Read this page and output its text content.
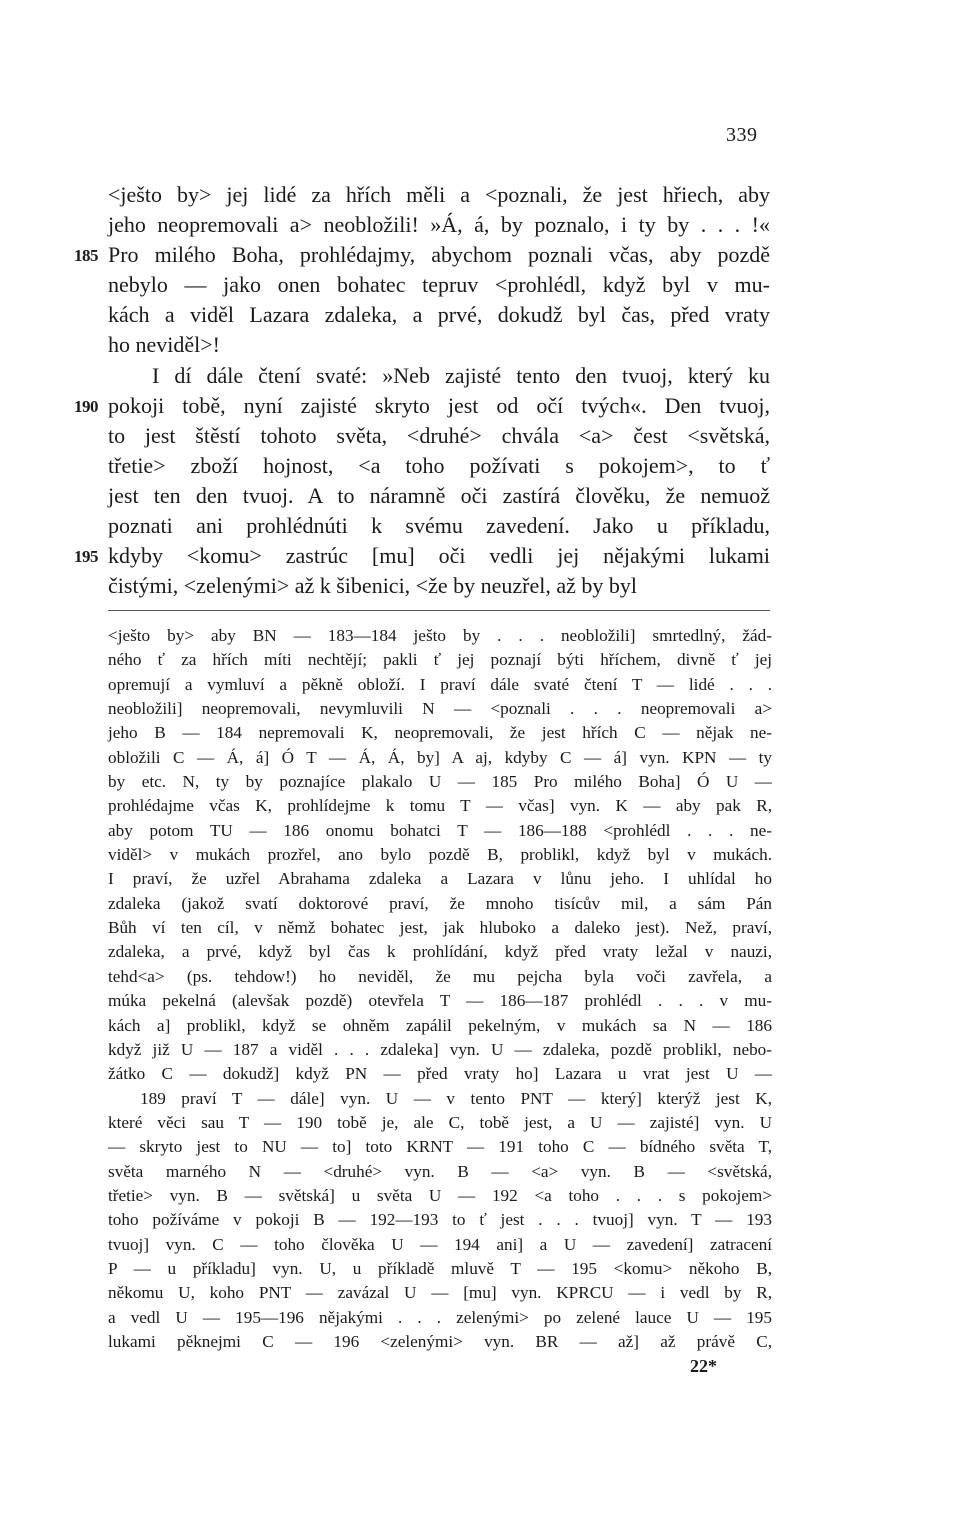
339
<ješto by> jej lidé za hřích měli a <poznali, že jest hřiech, aby
jeho neopremovali a> neobložili! »Á, á, by poznalo, i ty by . . . !«
185 Pro milého Boha, prohlédajmy, abychom poznali včas, aby pozdě
nebylo — jako onen bohatec tepruv <prohlédl, když byl v mu-
kách a viděl Lazara zdaleka, a prvé, dokudž byl čas, před vraty
ho neviděl>!
I dí dále čtení svaté: »Neb zajisté tento den tvuoj, který ku
190 pokoji tobě, nyní zajisté skryto jest od očí tvých«. Den tvuoj,
to jest štěstí tohoto světa, <druhé> chvála <a> čest <světská,
třetie> zboží hojnost, <a toho požívati s pokojem>, to ť
jest ten den tvuoj. A to náramně oči zastírá člověku, že nemuož
poznati ani prohlédnúti k svému zavedení. Jako u příkladu,
195 kdyby <komu> zastrúc [mu] oči vedli jej nějakými lukami
čistými, <zelenými> až k šibenici, <že by neuzřel, až by byl
<ješto by> aby BN — 183—184 ješto by . . . neobložili] smrtedlný, žád-
ného ť za hřích míti nechtějí; pakli ť jej poznají býti hříchem, divně ť jej
opremují a vymluví a pěkně obloží. I praví dále svaté čtení T — lidé . . .
neobložili] neopremovali, nevymluvili N — <poznali . . . neopremovali a>
jeho B — 184 nepremovali K, neopremovali, že jest hřích C — nějak ne-
obložili C — Á, á] Ó T — Á, Á, by] A aj, kdyby C — á] vyn. KPN — ty
by etc. N, ty by poznajíce plakalo U — 185 Pro milého Boha] Ó U —
prohlédajme včas K, prohlídejme k tomu T — včas] vyn. K — aby pak R,
aby potom TU — 186 onomu bohatci T — 186—188 <prohlédl . . . ne-
viděl> v mukách prozřel, ano bylo pozdě B, problikl, když byl v mukách.
I praví, že uzřel Abrahama zdaleka a Lazara v lůnu jeho. I uhlídal ho
zdaleka (jakož svatí doktorové praví, že mnoho tisícův mil, a sám Pán
Bůh ví ten cíl, v němž bohatec jest, jak hluboko a daleko jest). Než, praví,
zdaleka, a prvé, když byl čas k prohlídání, když před vraty ležal v nauzi,
tehd<a> (ps. tehdow!) ho neviděl, že mu pejcha byla voči zavřela, a
múka pekelná (alevšak pozdě) otevřela T — 186—187 prohlédl . . . v mu-
kách a] problikl, když se ohněm zapálil pekelným, v mukách sa N — 186
když již U — 187 a viděl . . . zdaleka] vyn. U — zdaleka, pozdě problikl, nebo-
žátko C — dokudž] když PN — před vraty ho] Lazara u vrat jest U —
189 praví T — dále] vyn. U — v tento PNT — který] kterýž jest K,
které věci sau T — 190 tobě je, ale C, tobě jest, a U — zajisté] vyn. U
— skryto jest to NU — to] toto KRNT — 191 toho C — bídného světa T,
světa marného N — <druhé> vyn. B — <a> vyn. B — <světská,
třetie> vyn. B — světská] u světa U — 192 <a toho . . . s pokojem>
toho požíváme v pokoji B — 192—193 to ť jest . . . tvuoj] vyn. T — 193
tvuoj] vyn. C — toho člověka U — 194 ani] a U — zavedení] zatracení
P — u příkladu] vyn. U, u příkladě mluvě T — 195 <komu> někoho B,
někomu U, koho PNT — zavázal U — [mu] vyn. KPRCU — i vedl by R,
a vedl U — 195—196 nějakými . . . zelenými> po zelené lauce U — 195
lukami pěknejmi C — 196 <zelenými> vyn. BR — až] až právě C,
22*
